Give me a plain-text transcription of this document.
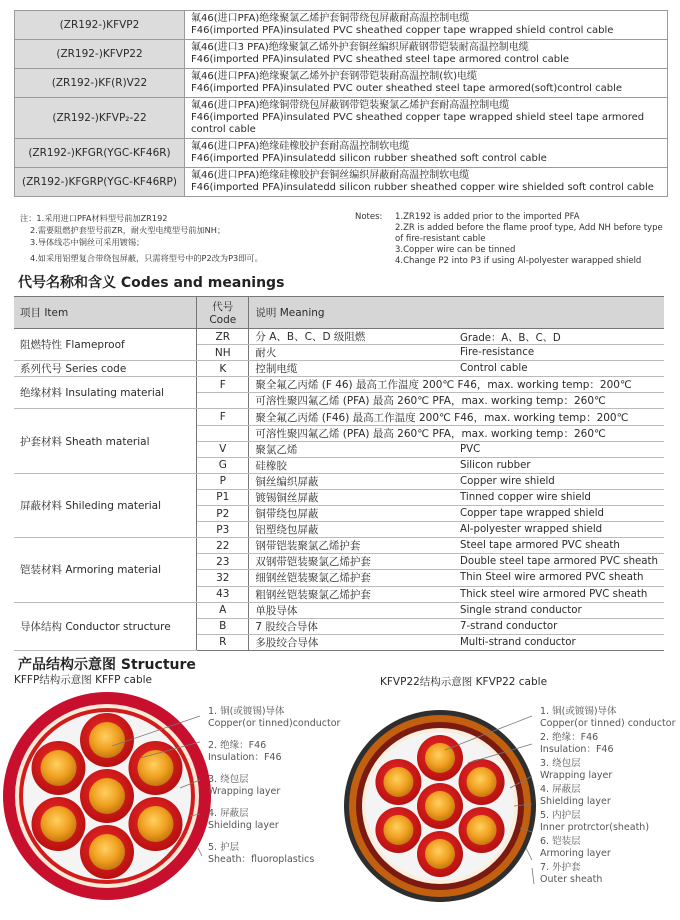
(ZR192-)KFVP2	氟46(进口PFA)绝缘聚氯乙烯护套铜带绕包屏蔽耐高温控制电缆
F46(imported PFA)insulated PVC sheathed copper tape wrapped shield control cable

(ZR192-)KFVP22	氟46(进口3 PFA)绝缘聚氯乙烯外护套铜丝编织屏蔽钢带铠装耐高温控制电缆
F46(imported PFA)insulated PVC sheathed steel tape armored control cable

(ZR192-)KF(R)V22	氟46(进口PFA)绝缘聚氯乙烯外护套钢带铠装耐高温控制(软)电缆
F46(imported PFA)insulated PVC outer sheathed steel tape armored(soft)control cable

(ZR192-)KFVP₂-22	氟46(进口PFA)绝缘铜带绕包屏蔽钢带铠装聚氯乙烯护套耐高温控制电缆
F46(imported PFA)insulated PVC sheathed copper tape wrapped shield steel tape armored control cable

(ZR192-)KFGR(YGC-KF46R)	氟46(进口PFA)绝缘硅橡胶护套耐高温控制软电缆
F46(imported PFA)insulatedd silicon rubber sheathed soft control cable

(ZR192-)KFGRP(YGC-KF46RP)	氟46(进口PFA)绝缘硅橡胶护套铜丝编织屏蔽耐高温控制软电缆
F46(imported PFA)insulatedd silicon rubber sheathed copper wire shielded soft control cable
注：1.采用进口PFA材料型号前加ZR192
2.需要阻燃护套型号前ZR，耐火型电缆型号前加NH；
3.导体线芯中铜丝可采用镀锡；
4.如采用铝塑复合带绕包屏蔽，只需将型号中的P2改为P3即可。
Notes:	1.ZR192 is added prior to the imported PFA
2.ZR is added before the flame proof type, Add NH before type of fire-resistant cable
3.Copper wire can be tinned
4.Change P2 into P3 if using Al-polyester warapped shield
代号名称和含义 Codes and meanings
项目 Item	代号 Code	说明 Meaning	
阻燃特性 Flameproof	ZR	分 A、B、C、D 级阻燃	Grade：A、B、C、D
	NH	耐火	Fire-resistance
系列代号 Series code	K	控制电缆	Control cable
绝缘材料 Insulating material	F	聚全氟乙丙烯 (F 46) 最高工作温度 200℃ F46，max. working temp：200℃	
		可溶性聚四氟乙烯 (PFA) 最高 260℃ PFA，max. working temp：260℃	
护套材料 Sheath material	F	聚全氟乙丙烯 (F46) 最高工作温度 200℃ F46，max. working temp：200℃	
		可溶性聚四氟乙烯 (PFA) 最高 260℃ PFA，max. working temp：260℃	
	V	聚氯乙烯	PVC
	G	硅橡胶	Silicon rubber
屏蔽材料 Shileding material	P	铜丝编织屏蔽	Copper wire shield
	P1	镀锡铜丝屏蔽	Tinned copper wire shield
	P2	铜带绕包屏蔽	Copper tape wrapped shield
	P3	铝塑绕包屏蔽	Al-polyester wrapped shield
铠装材料 Armoring material	22	钢带铠装聚氯乙烯护套	Steel tape armored PVC sheath
	23	双钢带铠装聚氯乙烯护套	Double steel tape armored PVC sheath
	32	细钢丝铠装聚氯乙烯护套	Thin Steel wire armored PVC sheath
	43	粗钢丝铠装聚氯乙烯护套	Thick steel wire armored PVC sheath
导体结构 Conductor structure	A	单股导体	Single strand conductor
	B	7 股绞合导体	7-strand conductor
	R	多股绞合导体	Multi-strand conductor
产品结构示意图 Structure
KFFP结构示意图 KFFP cable	KFVP22结构示意图 KFVP22 cable
1. 铜(或镀锡)导体
Copper(or tinned)conductor
2. 绝缘：F46
Insulation：F46
3. 绕包层
Wrapping layer
4. 屏蔽层
Shielding layer
5. 护层
Sheath：fluoroplastics
1. 铜(或镀锡)导体
Copper(or tinned) conductor
2. 绝缘：F46
Insulation：F46
3. 绕包层
Wrapping layer
4. 屏蔽层
Shielding layer
5. 内护层
Inner protrctor(sheath)
6. 铠装层
Armoring layer
7. 外护套
Outer sheath
